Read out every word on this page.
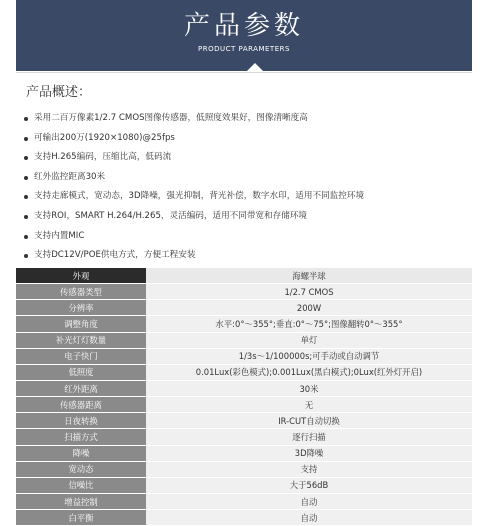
产品参数
PRODUCT PARAMETERS
产品概述：
采用二百万像素1/2.7 CMOS图像传感器，低照度效果好，图像清晰度高
可输出200万(1920×1080)@25fps
支持H.265编码，压缩比高，低码流
红外监控距离30米
支持走廊模式，宽动态，3D降噪，强光抑制，背光补偿，数字水印，适用不同监控环境
支持ROI，SMART H.264/H.265，灵活编码，适用不同带宽和存储环境
支持内置MIC
支持DC12V/POE供电方式，方便工程安装
外观	海螺半球
传感器类型	1/2.7 CMOS
分辨率	200W
调整角度	水平:0°～355°;垂直:0°～75°;图像翻转0°～355°
补光灯灯数量	单灯
电子快门	1/3s～1/100000s;可手动或自动调节
低照度	0.01Lux(彩色模式);0.001Lux(黑白模式);0Lux(红外灯开启)
红外距离	30米
传感器距离	无
日夜转换	IR-CUT自动切换
扫描方式	逐行扫描
降噪	3D降噪
宽动态	支持
信噪比	大于56dB
增益控制	自动
白平衡	自动
